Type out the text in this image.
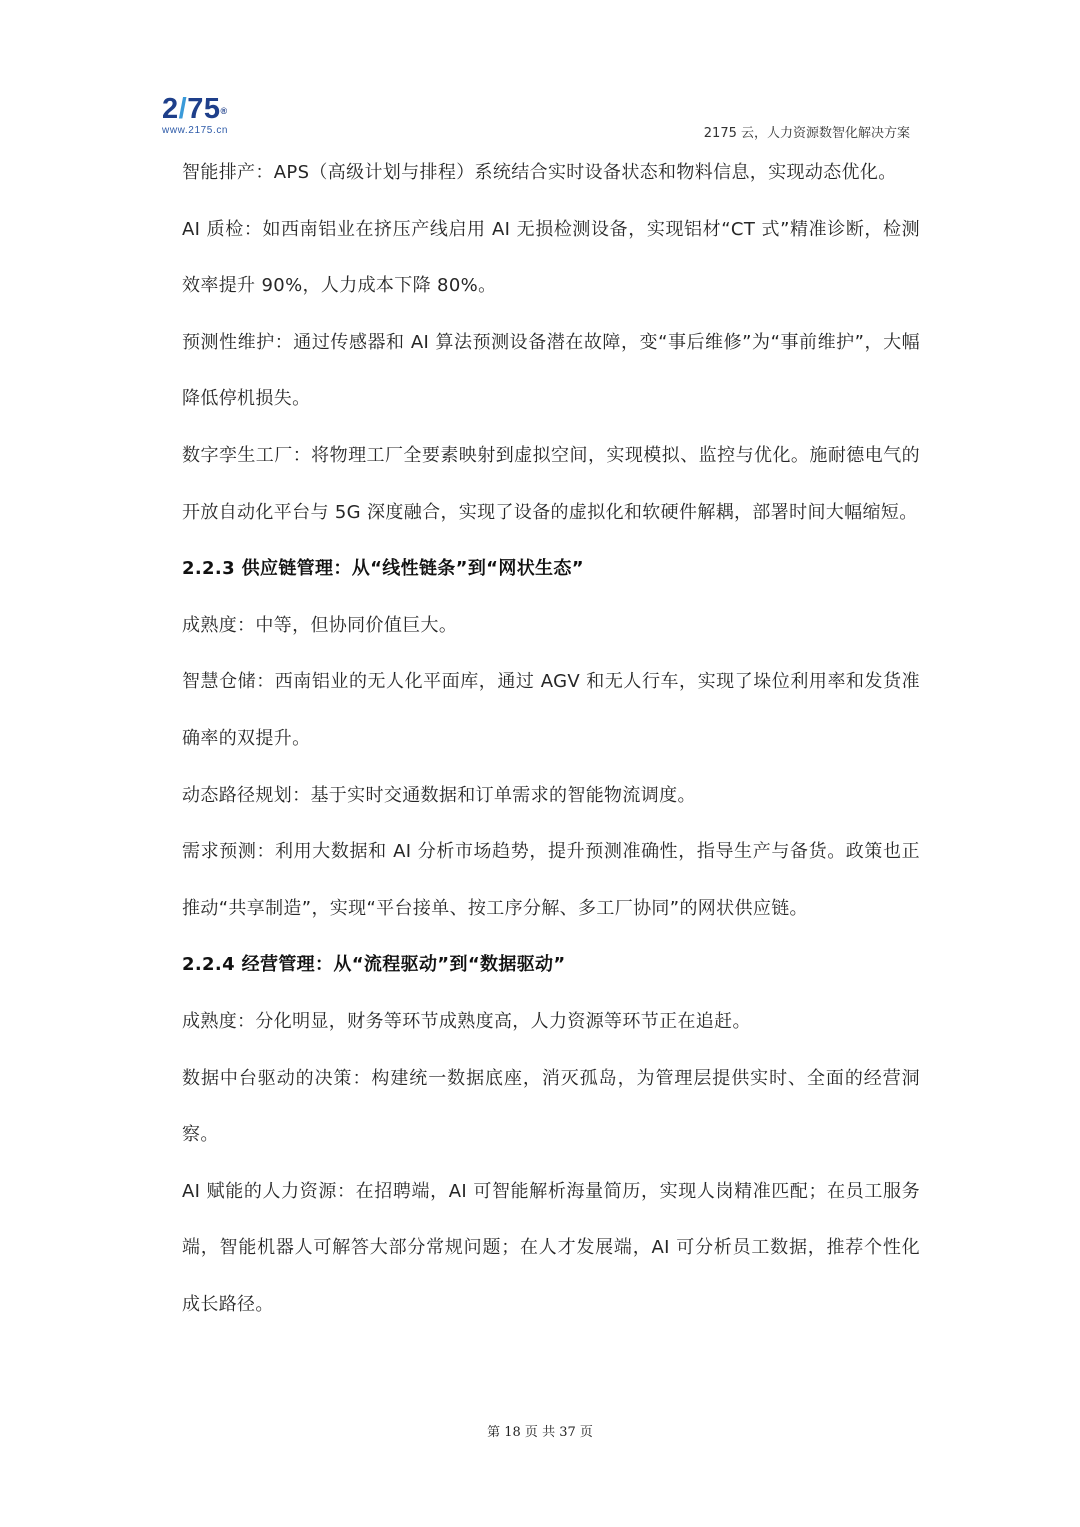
2/75®
www.2175.cn	2175 云，人力资源数智化解决方案

智能排产：APS（高级计划与排程）系统结合实时设备状态和物料信息，实现动态优化。

AI 质检：如西南铝业在挤压产线启用 AI 无损检测设备，实现铝材“CT 式”精准诊断，检测效率提升 90%，人力成本下降 80%。

预测性维护：通过传感器和 AI 算法预测设备潜在故障，变“事后维修”为“事前维护”，大幅降低停机损失。

数字孪生工厂：将物理工厂全要素映射到虚拟空间，实现模拟、监控与优化。施耐德电气的开放自动化平台与 5G 深度融合，实现了设备的虚拟化和软硬件解耦，部署时间大幅缩短。

2.2.3 供应链管理：从“线性链条”到“网状生态”

成熟度：中等，但协同价值巨大。

智慧仓储：西南铝业的无人化平面库，通过 AGV 和无人行车，实现了垛位利用率和发货准确率的双提升。

动态路径规划：基于实时交通数据和订单需求的智能物流调度。

需求预测：利用大数据和 AI 分析市场趋势，提升预测准确性，指导生产与备货。政策也正推动“共享制造”，实现“平台接单、按工序分解、多工厂协同”的网状供应链。

2.2.4 经营管理：从“流程驱动”到“数据驱动”

成熟度：分化明显，财务等环节成熟度高，人力资源等环节正在追赶。

数据中台驱动的决策：构建统一数据底座，消灭孤岛，为管理层提供实时、全面的经营洞察。

AI 赋能的人力资源：在招聘端，AI 可智能解析海量简历，实现人岗精准匹配；在员工服务端，智能机器人可解答大部分常规问题；在人才发展端，AI 可分析员工数据，推荐个性化成长路径。

第 18 页 共 37 页
